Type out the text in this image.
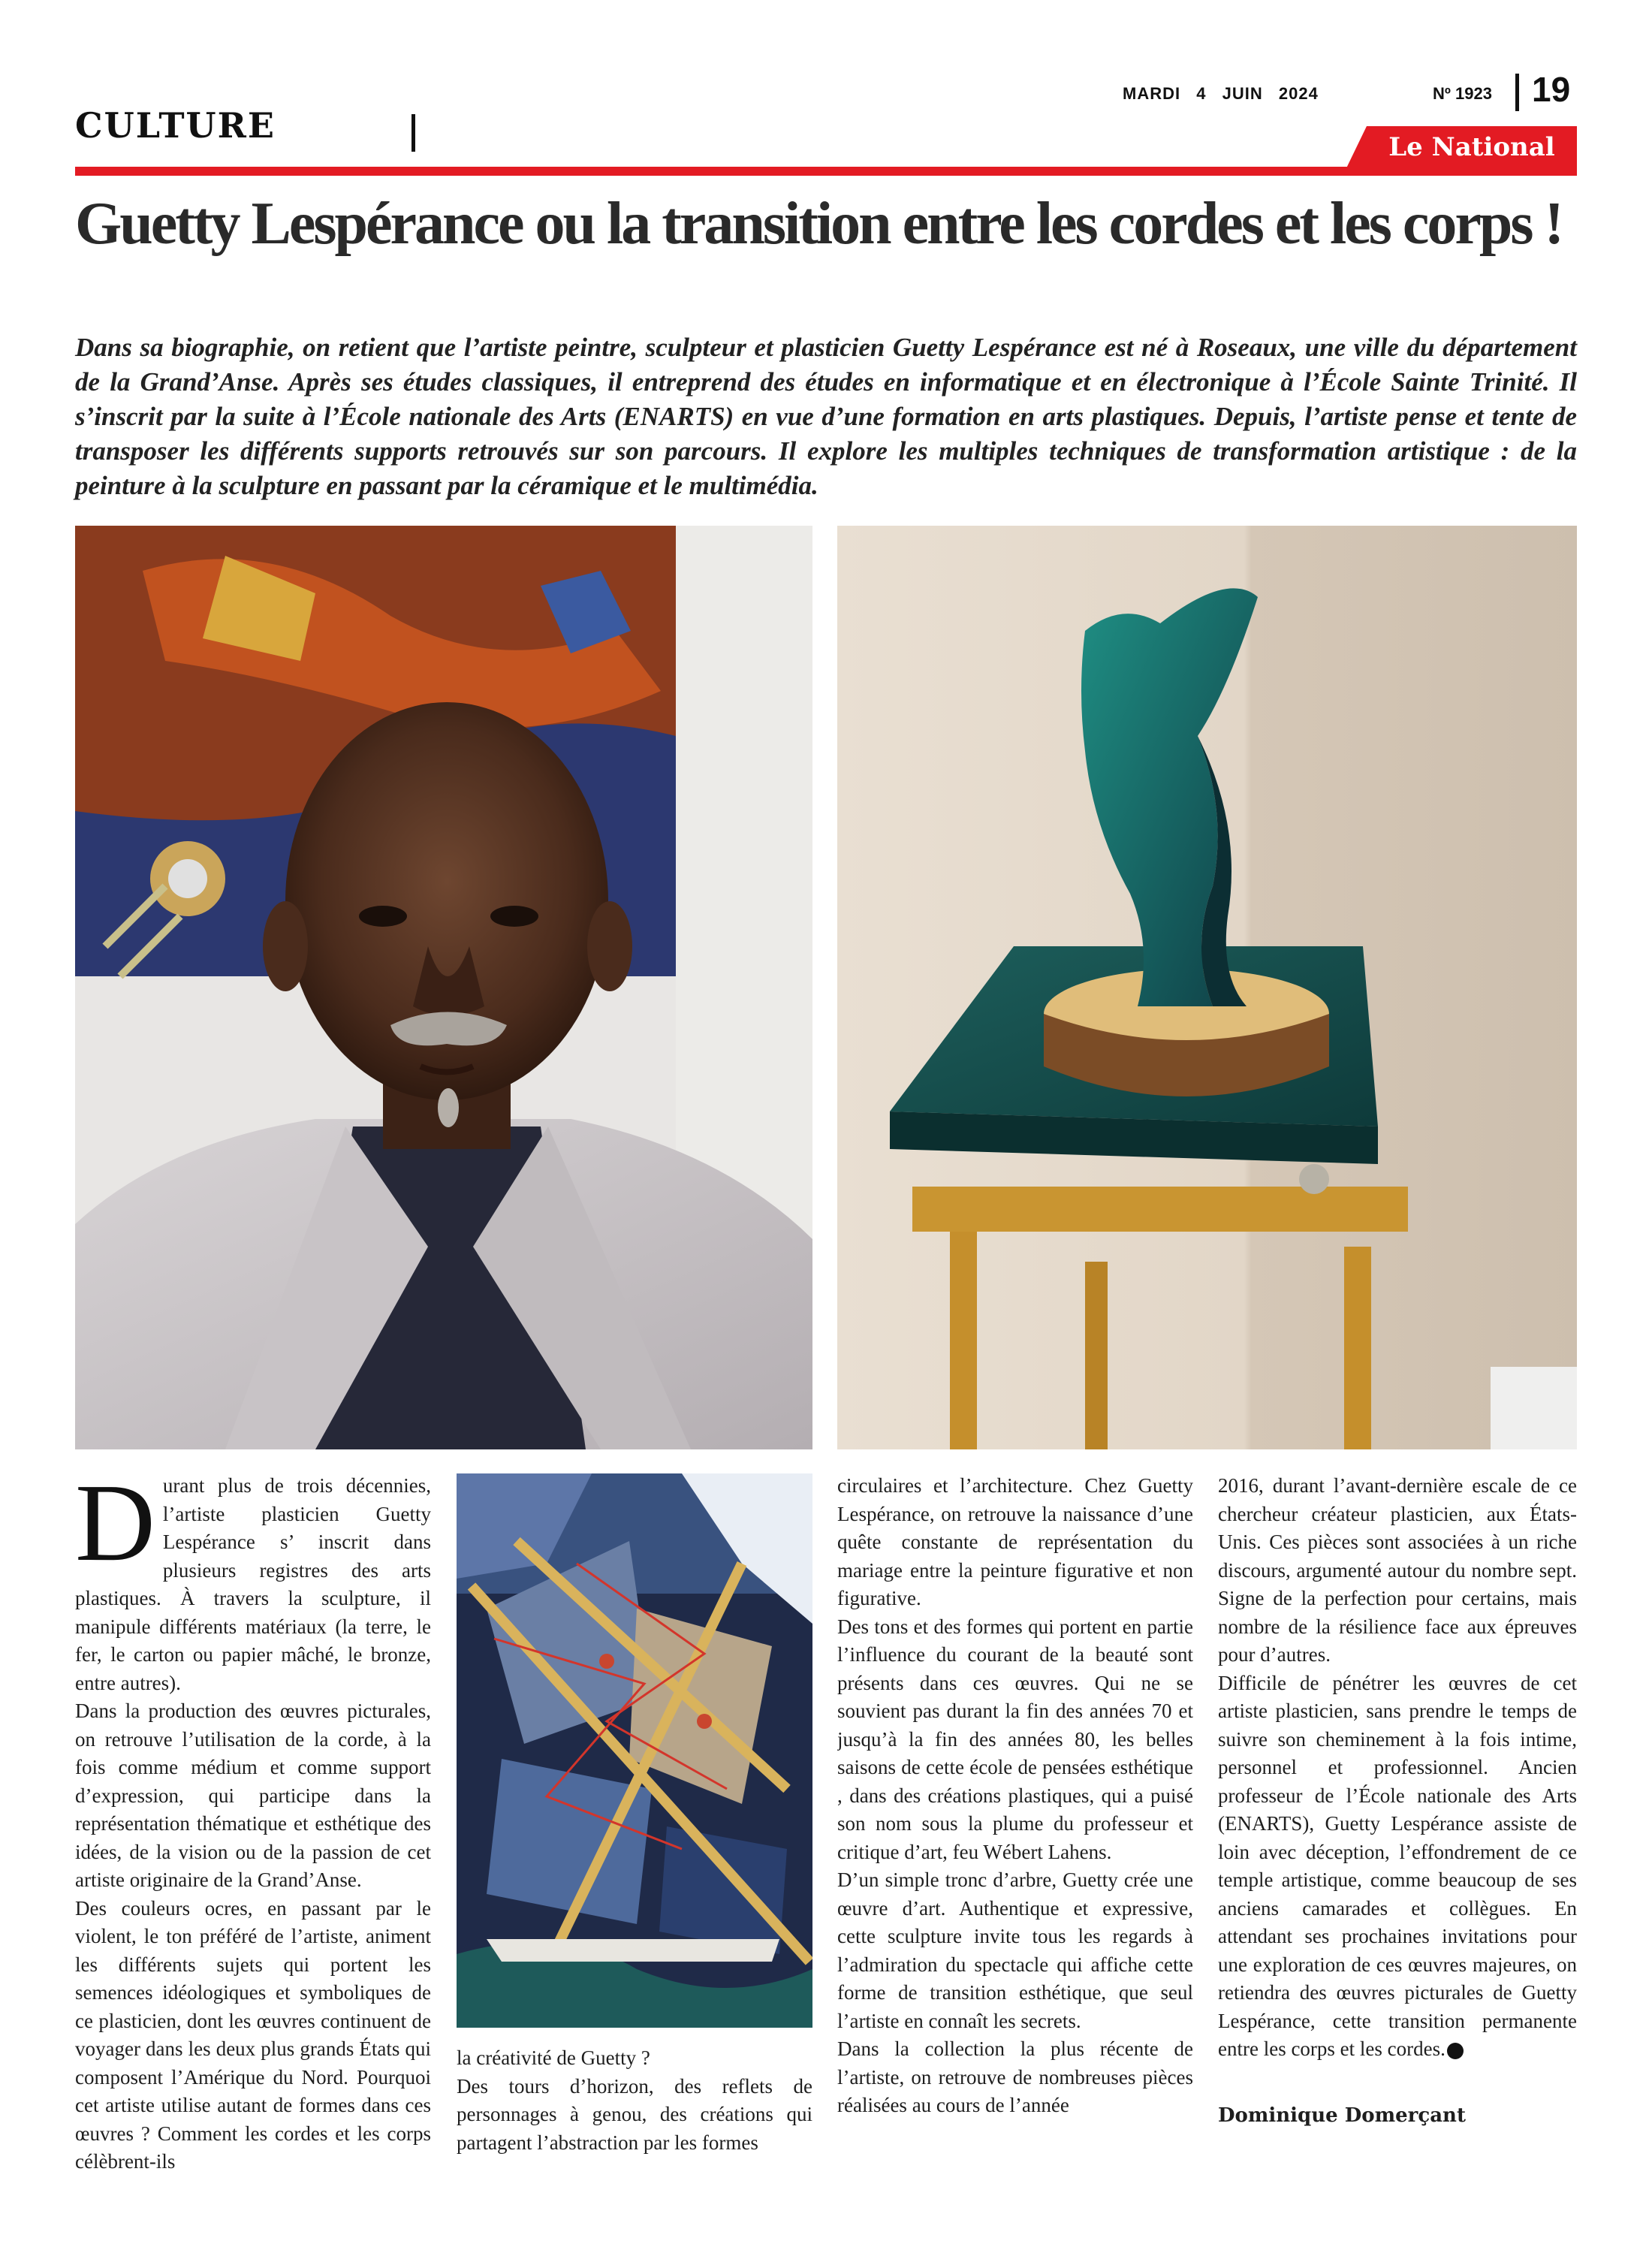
CULTURE
MARDI 4 JUIN 2024	Nº 1923 19
Le National
Guetty Lespérance ou la transition entre les cordes et les corps !
Dans sa biographie, on retient que l’artiste peintre, sculpteur et plasticien Guetty Lespérance est né à Roseaux, une ville du département de la Grand’Anse. Après ses études classiques, il entreprend des études en informatique et en électronique à l’École Sainte Trinité. Il s’inscrit par la suite à l’École nationale des Arts (ENARTS) en vue d’une formation en arts plastiques. Depuis, l’artiste pense et tente de transposer les différents supports retrouvés sur son parcours. Il explore les multiples techniques de transformation artistique : de la peinture à la sculpture en passant par la céramique et le multimédia.

Durant plus de trois décennies, l’artiste plasticien Guetty Lespérance s’ inscrit dans plusieurs registres des arts plastiques. À travers la sculpture, il manipule différents matériaux (la terre, le fer, le carton ou papier mâché, le bronze, entre autres).

Dans la production des œuvres picturales, on retrouve l’utilisation de la corde, à la fois comme médium et comme support d’expression, qui participe dans la représentation thématique et esthétique des idées, de la vision ou de la passion de cet artiste originaire de la Grand’Anse.

Des couleurs ocres, en passant par le violent, le ton préféré de l’artiste, animent les différents sujets qui portent les semences idéologiques et symboliques de ce plasticien, dont les œuvres continuent de voyager dans les deux plus grands États qui composent l’Amérique du Nord. Pourquoi cet artiste utilise autant de formes dans ces œuvres ? Comment les cordes et les corps célèbrent-ils

la créativité de Guetty ?

Des tours d’horizon, des reflets de personnages à genou, des créations qui partagent l’abstraction par les formes

circulaires et l’architecture. Chez Guetty Lespérance, on retrouve la naissance d’une quête constante de représentation du mariage entre la peinture figurative et non figurative.

Des tons et des formes qui portent en partie l’influence du courant de la beauté sont présents dans ces œuvres. Qui ne se souvient pas durant la fin des années 70 et jusqu’à la fin des années 80, les belles saisons de cette école de pensées esthétique , dans des créations plastiques, qui a puisé son nom sous la plume du professeur et critique d’art, feu Wébert Lahens.

D’un simple tronc d’arbre, Guetty crée une œuvre d’art. Authentique et expressive, cette sculpture invite tous les regards à l’admiration du spectacle qui affiche cette forme de transition esthétique, que seul l’artiste en connaît les secrets.

Dans la collection la plus récente de l’artiste, on retrouve de nombreuses pièces réalisées au cours de l’année

2016, durant l’avant-dernière escale de ce chercheur créateur plasticien, aux États-Unis. Ces pièces sont associées à un riche discours, argumenté autour du nombre sept. Signe de la perfection pour certains, mais nombre de la résilience face aux épreuves pour d’autres.

Difficile de pénétrer les œuvres de cet artiste plasticien, sans prendre le temps de suivre son cheminement à la fois intime, personnel et professionnel. Ancien professeur de l’École nationale des Arts (ENARTS), Guetty Lespérance assiste de loin avec déception, l’effondrement de ce temple artistique, comme beaucoup de ses anciens camarades et collègues. En attendant ses prochaines invitations pour une exploration de ces œuvres majeures, on retiendra des œuvres picturales de Guetty Lespérance, cette transition permanente entre les corps et les cordes.

Dominique Domerçant
